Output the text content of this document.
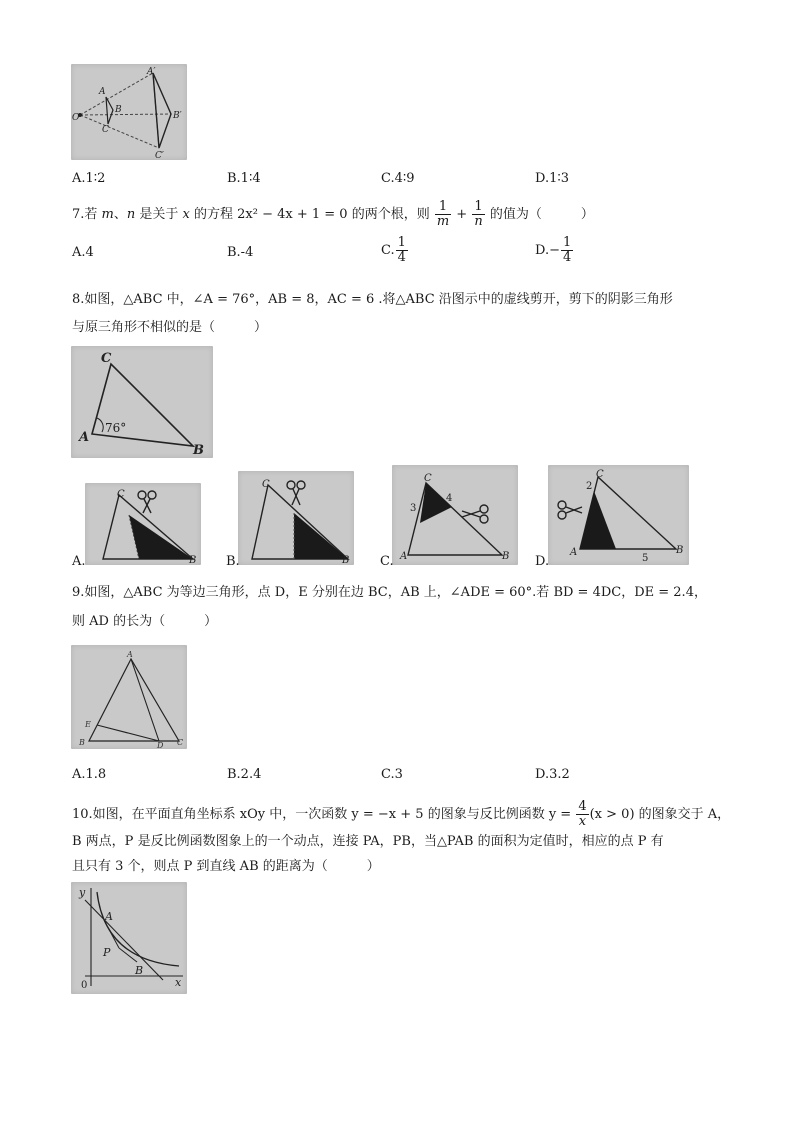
O
A
B
C
A′
B′
C′
A.1∶2	B.1∶4	C.4∶9	D.1∶3
7.若 m、n 是关于 x 的方程 2x² − 4x + 1 = 0 的两个根，则 $\frac{1}{m} + \frac{1}{n}$ 的值为（　　　）
A.4	B.-4	C. $\frac{1}{4}$	$D.- \frac{1}{4}$
8.如图，△ABC 中，∠A = 76°，AB = 8，AC = 6 .将△ABC 沿图示中的虚线剪开，剪下的阴影三角形
与原三角形不相似的是（　　　）
C
A
B
76°
C
B
A.
C
B
B.
C
A	B
3
4
C.
C
A	B
2
5
D.
9.如图，△ABC 为等边三角形，点 D，E 分别在边 BC，AB 上，∠ADE = 60°.若 BD = 4DC，DE = 2.4，
则 AD 的长为（　　　）
A
E
B	D C
A.1.8	B.2.4	C.3	D.3.2
10.如图，在平面直角坐标系 xOy 中，一次函数 y = −x + 5 的图象与反比例函数 $y = \frac{4}{x} (x > 0)$ 的图象交于 A，
B 两点，P 是反比例函数图象上的一个动点，连接 PA，PB，当△PAB 的面积为定值时，相应的点 P 有
且只有 3 个，则点 P 到直线 AB 的距离为（　　　）
y
x
0
A
P
B
